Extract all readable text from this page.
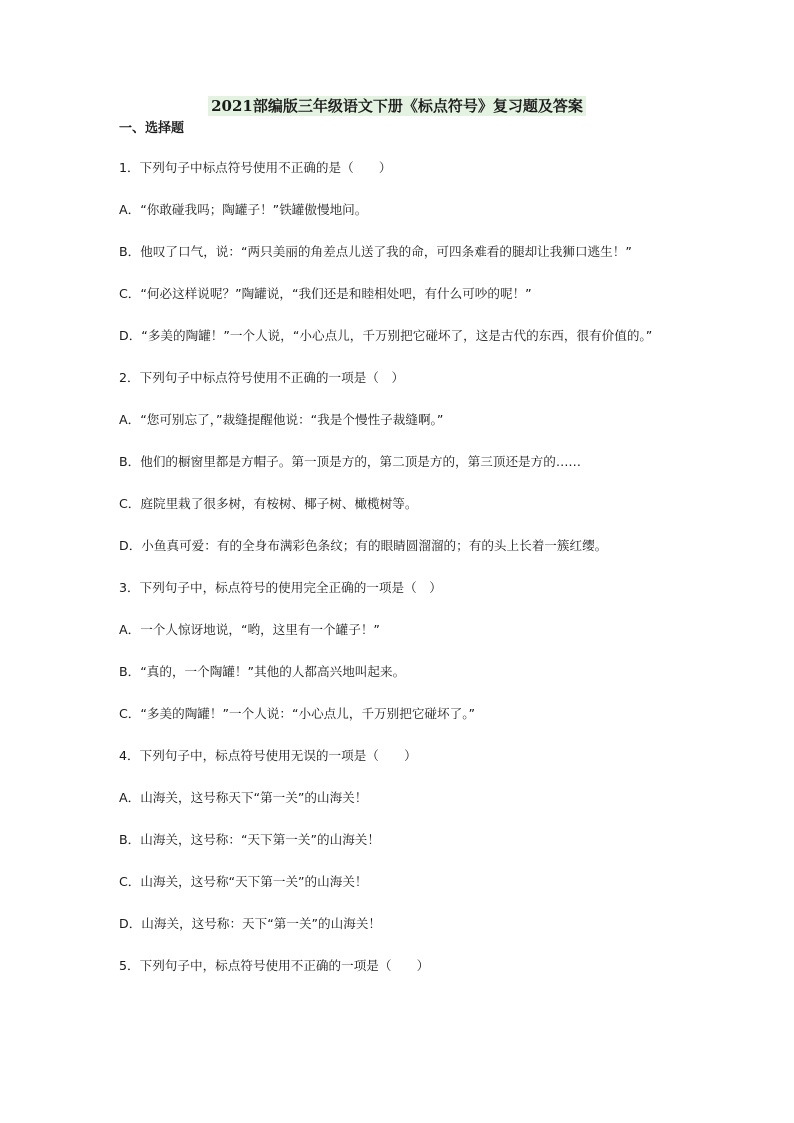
2021部编版三年级语文下册《标点符号》复习题及答案
一、选择题

1．下列句子中标点符号使用不正确的是（　　）

A．“你敢碰我吗；陶罐子！”铁罐傲慢地问。

B．他叹了口气，说：“两只美丽的角差点儿送了我的命，可四条难看的腿却让我狮口逃生！”

C．“何必这样说呢？”陶罐说，“我们还是和睦相处吧，有什么可吵的呢！”

D．“多美的陶罐！”一个人说，“小心点儿，千万别把它碰坏了，这是古代的东西，很有价值的。”

2．下列句子中标点符号使用不正确的一项是（　）

A．“您可别忘了，”裁缝提醒他说：“我是个慢性子裁缝啊。”

B．他们的橱窗里都是方帽子。第一顶是方的，第二顶是方的，第三顶还是方的……

C．庭院里栽了很多树，有桉树、椰子树、橄榄树等。

D．小鱼真可爱：有的全身布满彩色条纹；有的眼睛圆溜溜的；有的头上长着一簇红缨。

3．下列句子中，标点符号的使用完全正确的一项是（　）

A．一个人惊讶地说，“哟，这里有一个罐子！”

B．“真的，一个陶罐！”其他的人都高兴地叫起来。

C．“多美的陶罐！”一个人说：“小心点儿，千万别把它碰坏了。”

4．下列句子中，标点符号使用无误的一项是（　　）

A．山海关，这号称天下“第一关”的山海关！

B．山海关，这号称：“天下第一关”的山海关！

C．山海关，这号称“天下第一关”的山海关！

D．山海关，这号称：天下“第一关”的山海关！

5．下列句子中，标点符号使用不正确的一项是（　　）
